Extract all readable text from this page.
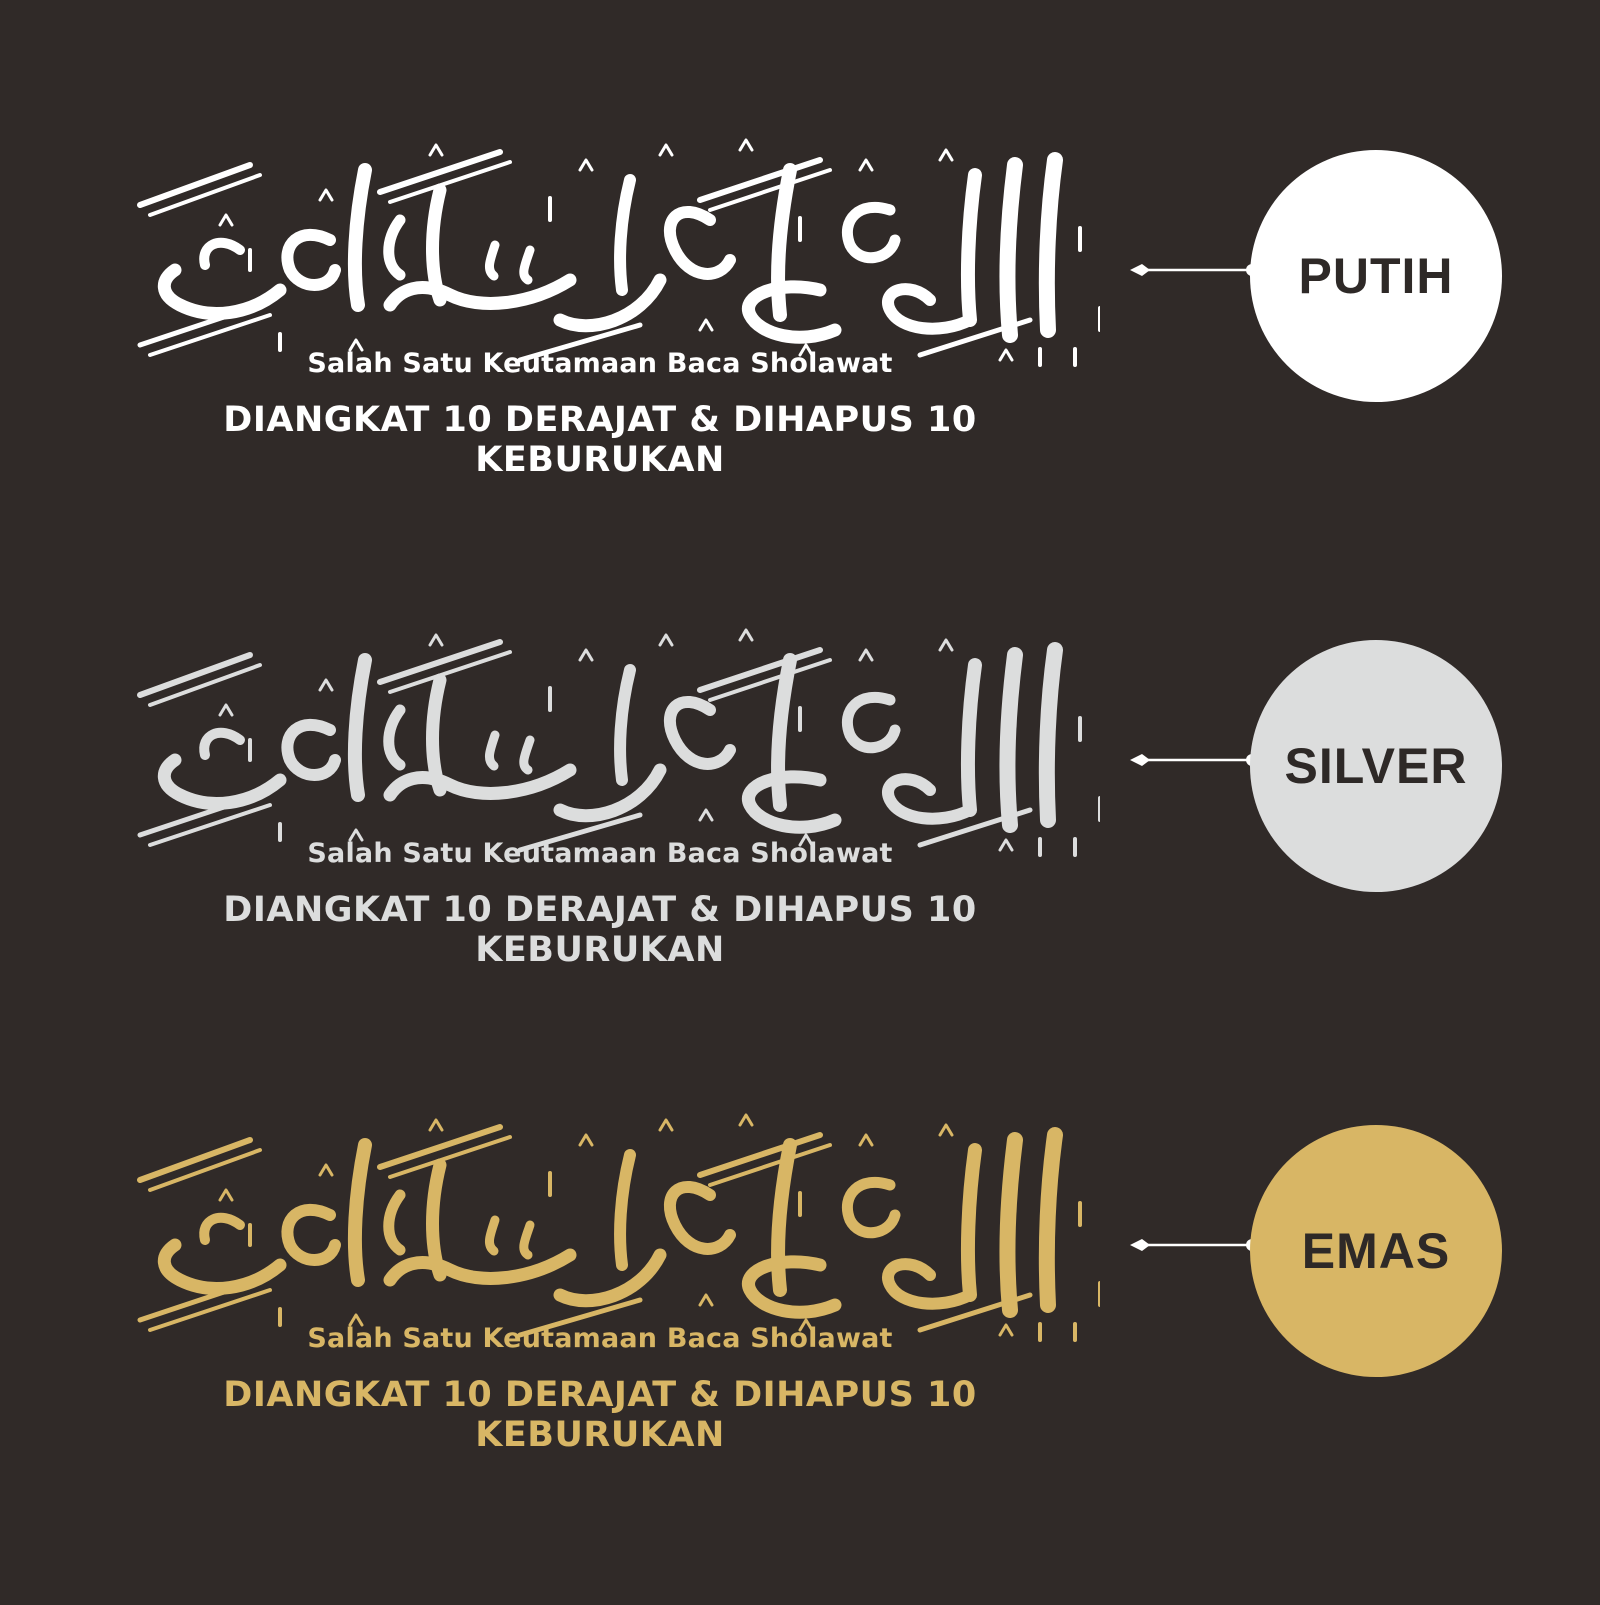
Salah Satu Keutamaan Baca Sholawat
DIANGKAT 10 DERAJAT & DIHAPUS 10 KEBURUKAN
PUTIH
Salah Satu Keutamaan Baca Sholawat
DIANGKAT 10 DERAJAT & DIHAPUS 10 KEBURUKAN
SILVER
Salah Satu Keutamaan Baca Sholawat
DIANGKAT 10 DERAJAT & DIHAPUS 10 KEBURUKAN
EMAS
